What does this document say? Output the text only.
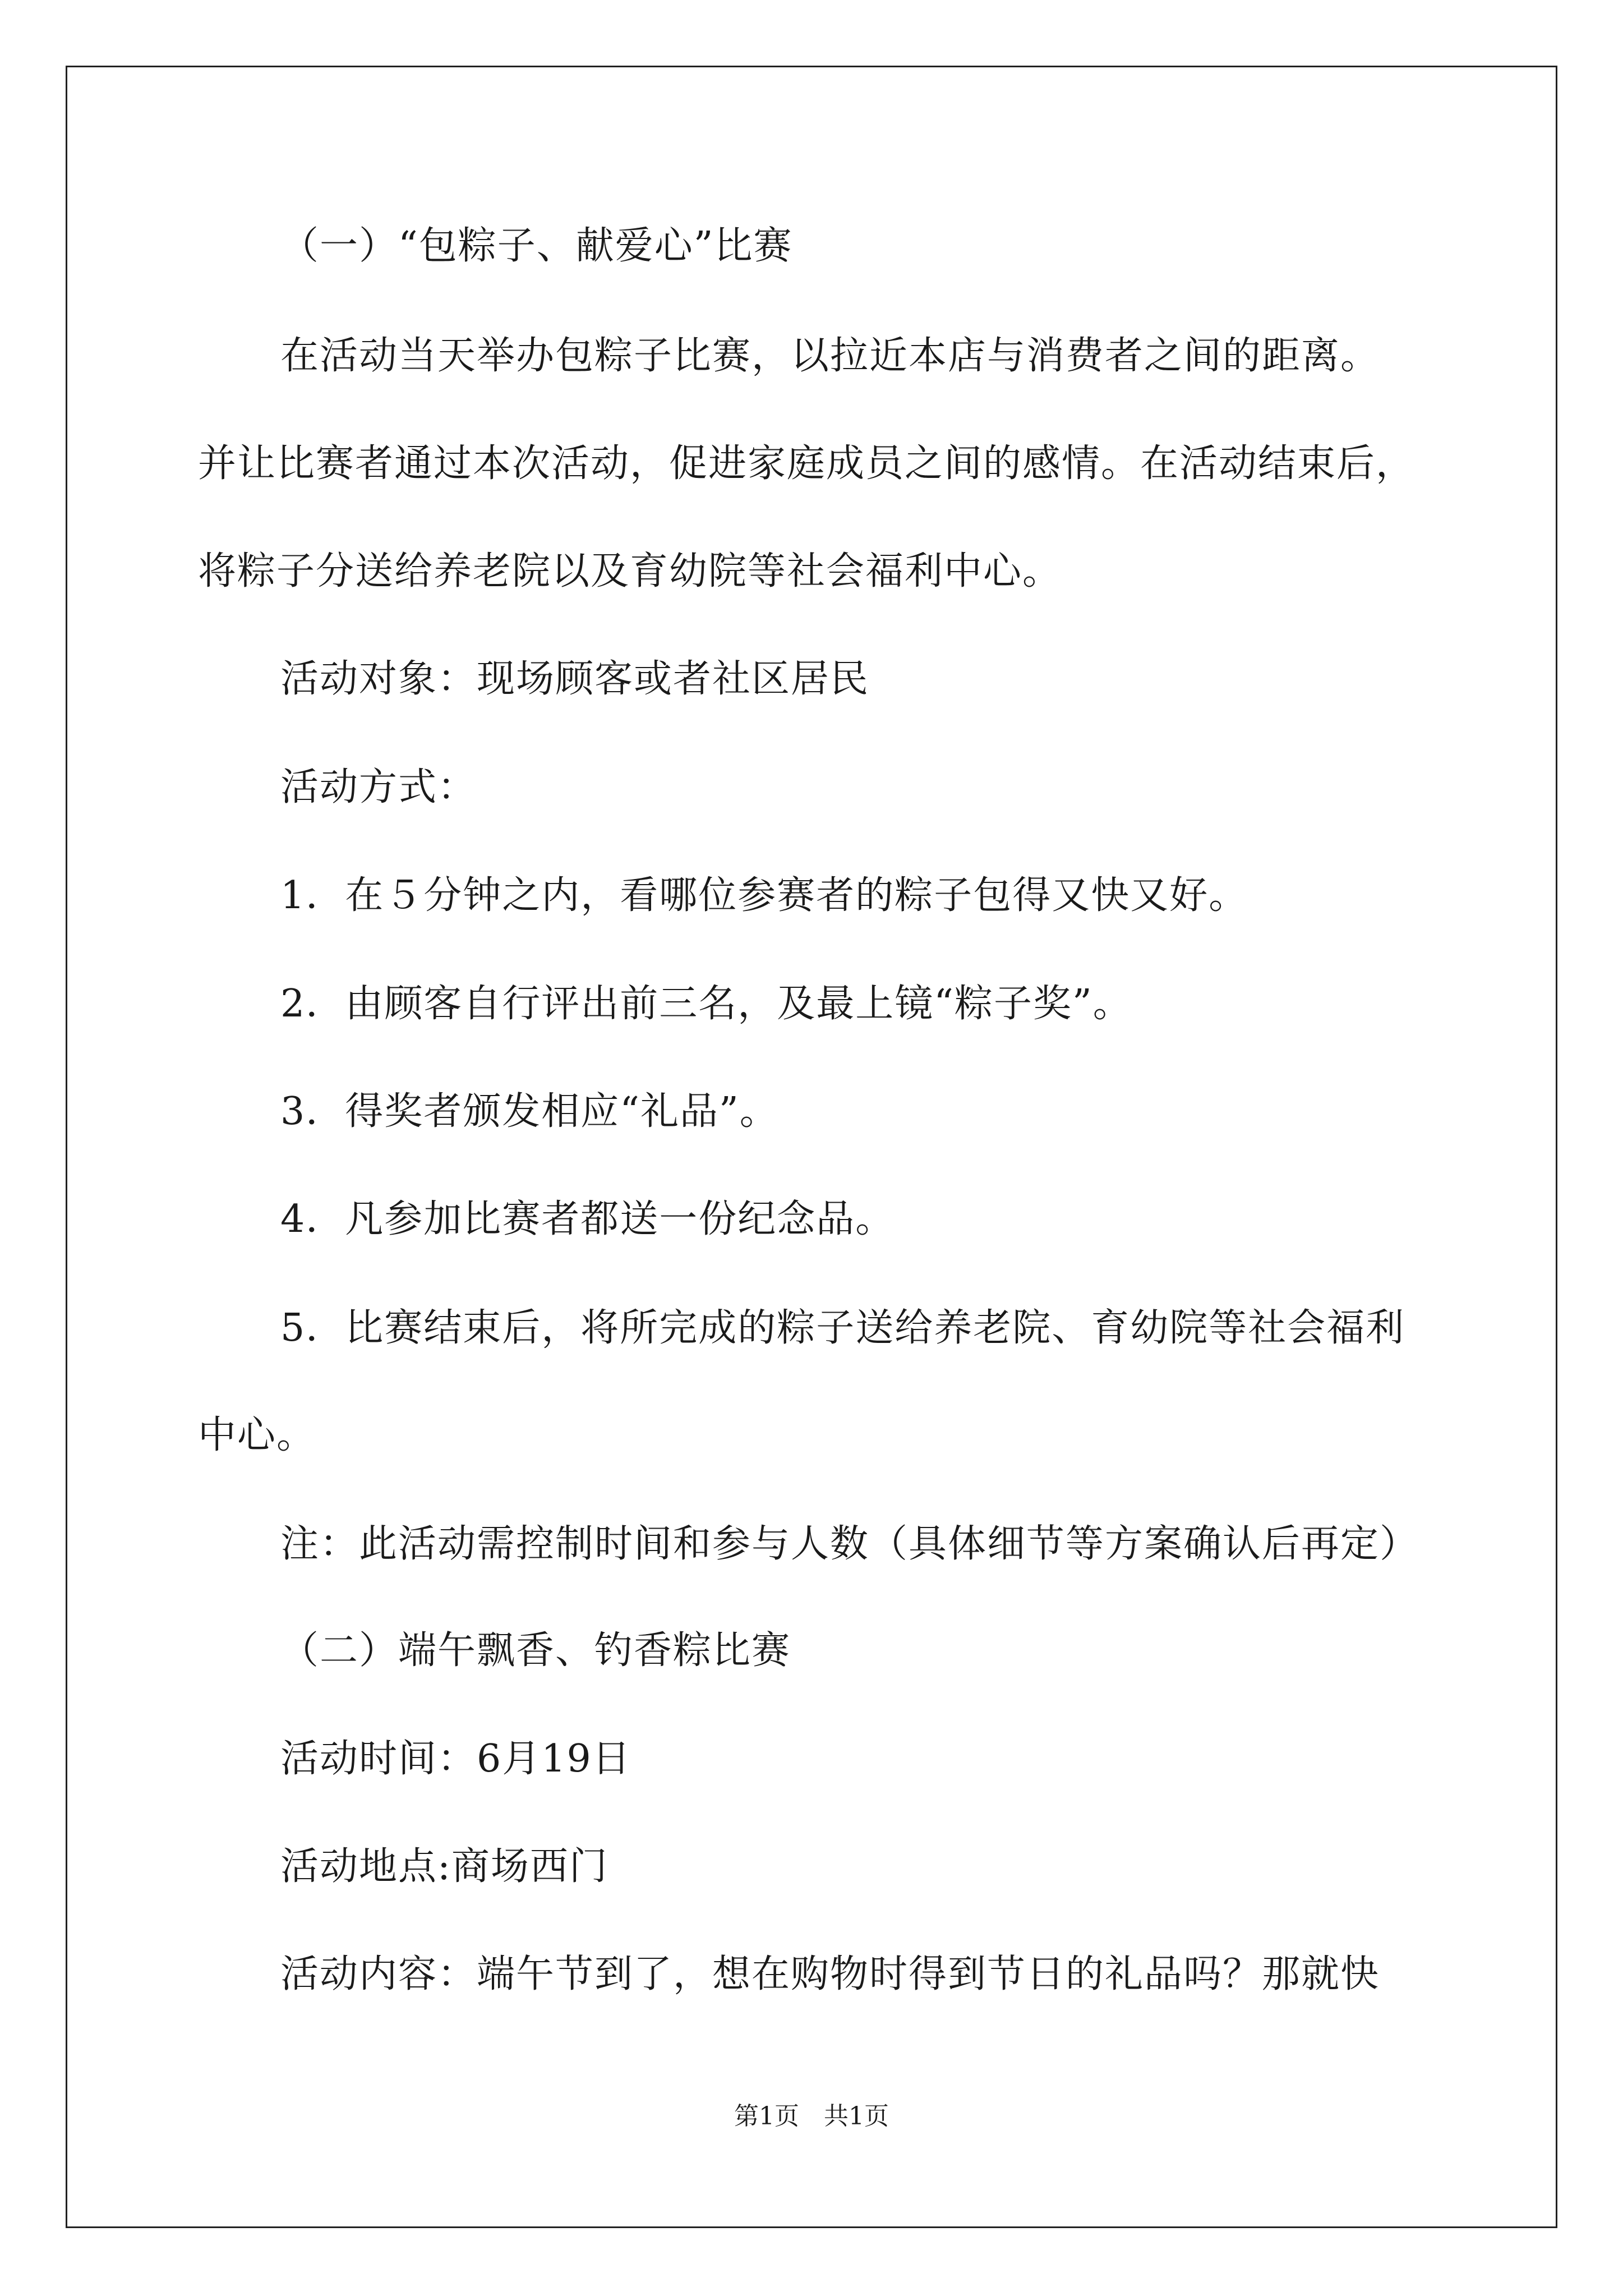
（一）“包粽子、献爱心”比赛
在活动当天举办包粽子比赛，以拉近本店与消费者之间的距离。
并让比赛者通过本次活动，促进家庭成员之间的感情。在活动结束后，
将粽子分送给养老院以及育幼院等社会福利中心。
活动对象：现场顾客或者社区居民
活动方式：
1．在５分钟之内，看哪位参赛者的粽子包得又快又好。
2．由顾客自行评出前三名，及最上镜“粽子奖”。
3．得奖者颁发相应“礼品”。
4．凡参加比赛者都送一份纪念品。
5．比赛结束后，将所完成的粽子送给养老院、育幼院等社会福利
中心。
注：此活动需控制时间和参与人数（具体细节等方案确认后再定）
（二）端午飘香、钓香粽比赛
活动时间：6月19日
活动地点:商场西门
活动内容：端午节到了，想在购物时得到节日的礼品吗？那就快
第1页　共1页
